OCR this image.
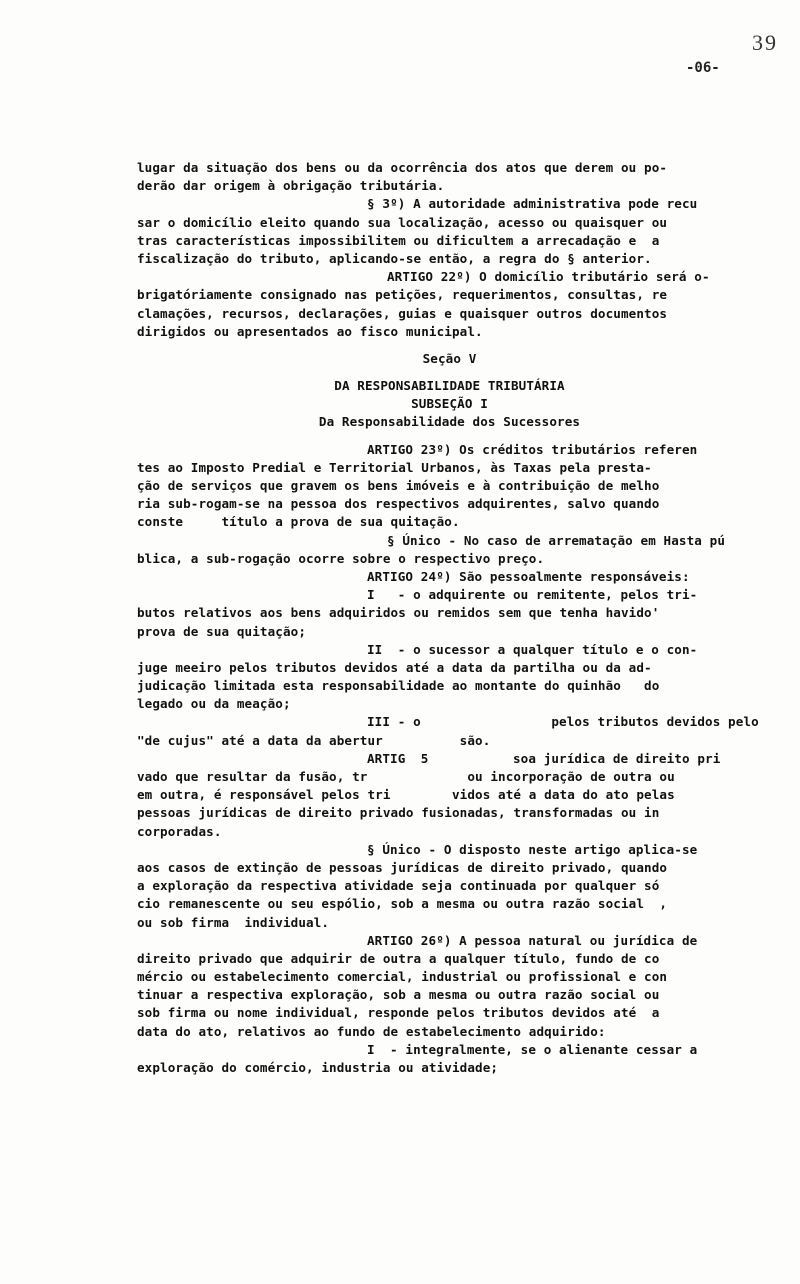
39
-06-
lugar da situação dos bens ou da ocorrência dos atos que derem ou po-
derão dar origem à obrigação tributária.
§ 3º) A autoridade administrativa pode recu
sar o domicílio eleito quando sua localização, acesso ou quaisquer ou
tras características impossibilitem ou dificultem a arrecadação e  a
fiscalização do tributo, aplicando-se então, a regra do § anterior.
ARTIGO 22º) O domicílio tributário será o-
brigatóriamente consignado nas petições, requerimentos, consultas, re
clamações, recursos, declarações, guias e quaisquer outros documentos
dirigidos ou apresentados ao fisco municipal.
Seção V
DA RESPONSABILIDADE TRIBUTÁRIA
SUBSEÇÃO I
Da Responsabilidade dos Sucessores
ARTIGO 23º) Os créditos tributários referen
tes ao Imposto Predial e Territorial Urbanos, às Taxas pela presta-
ção de serviços que gravem os bens imóveis e à contribuição de melho
ria sub-rogam-se na pessoa dos respectivos adquirentes, salvo quando
conste     título a prova de sua quitação.
§ Único - No caso de arrematação em Hasta pú
blica, a sub-rogação ocorre sobre o respectivo preço.
ARTIGO 24º) São pessoalmente responsáveis:
I   - o adquirente ou remitente, pelos tri-
butos relativos aos bens adquiridos ou remidos sem que tenha havido'
prova de sua quitação;
II  - o sucessor a qualquer título e o con-
juge meeiro pelos tributos devidos até a data da partilha ou da ad-
judicação limitada esta responsabilidade ao montante do quinhão   do
legado ou da meação;
III - o                 pelos tributos devidos pelo
"de cujus" até a data da abertur          são.
ARTIG  5           soa jurídica de direito pri
vado que resultar da fusão, tr             ou incorporação de outra ou
em outra, é responsável pelos tri        vidos até a data do ato pelas
pessoas jurídicas de direito privado fusionadas, transformadas ou in
corporadas.
§ Único - O disposto neste artigo aplica-se
aos casos de extinção de pessoas jurídicas de direito privado, quando
a exploração da respectiva atividade seja continuada por qualquer só
cio remanescente ou seu espólio, sob a mesma ou outra razão social  ,
ou sob firma  individual.
ARTIGO 26º) A pessoa natural ou jurídica de
direito privado que adquirir de outra a qualquer título, fundo de co
mércio ou estabelecimento comercial, industrial ou profissional e con
tinuar a respectiva exploração, sob a mesma ou outra razão social ou
sob firma ou nome individual, responde pelos tributos devidos até  a
data do ato, relativos ao fundo de estabelecimento adquirido:
I  - integralmente, se o alienante cessar a
exploração do comércio, industria ou atividade;
